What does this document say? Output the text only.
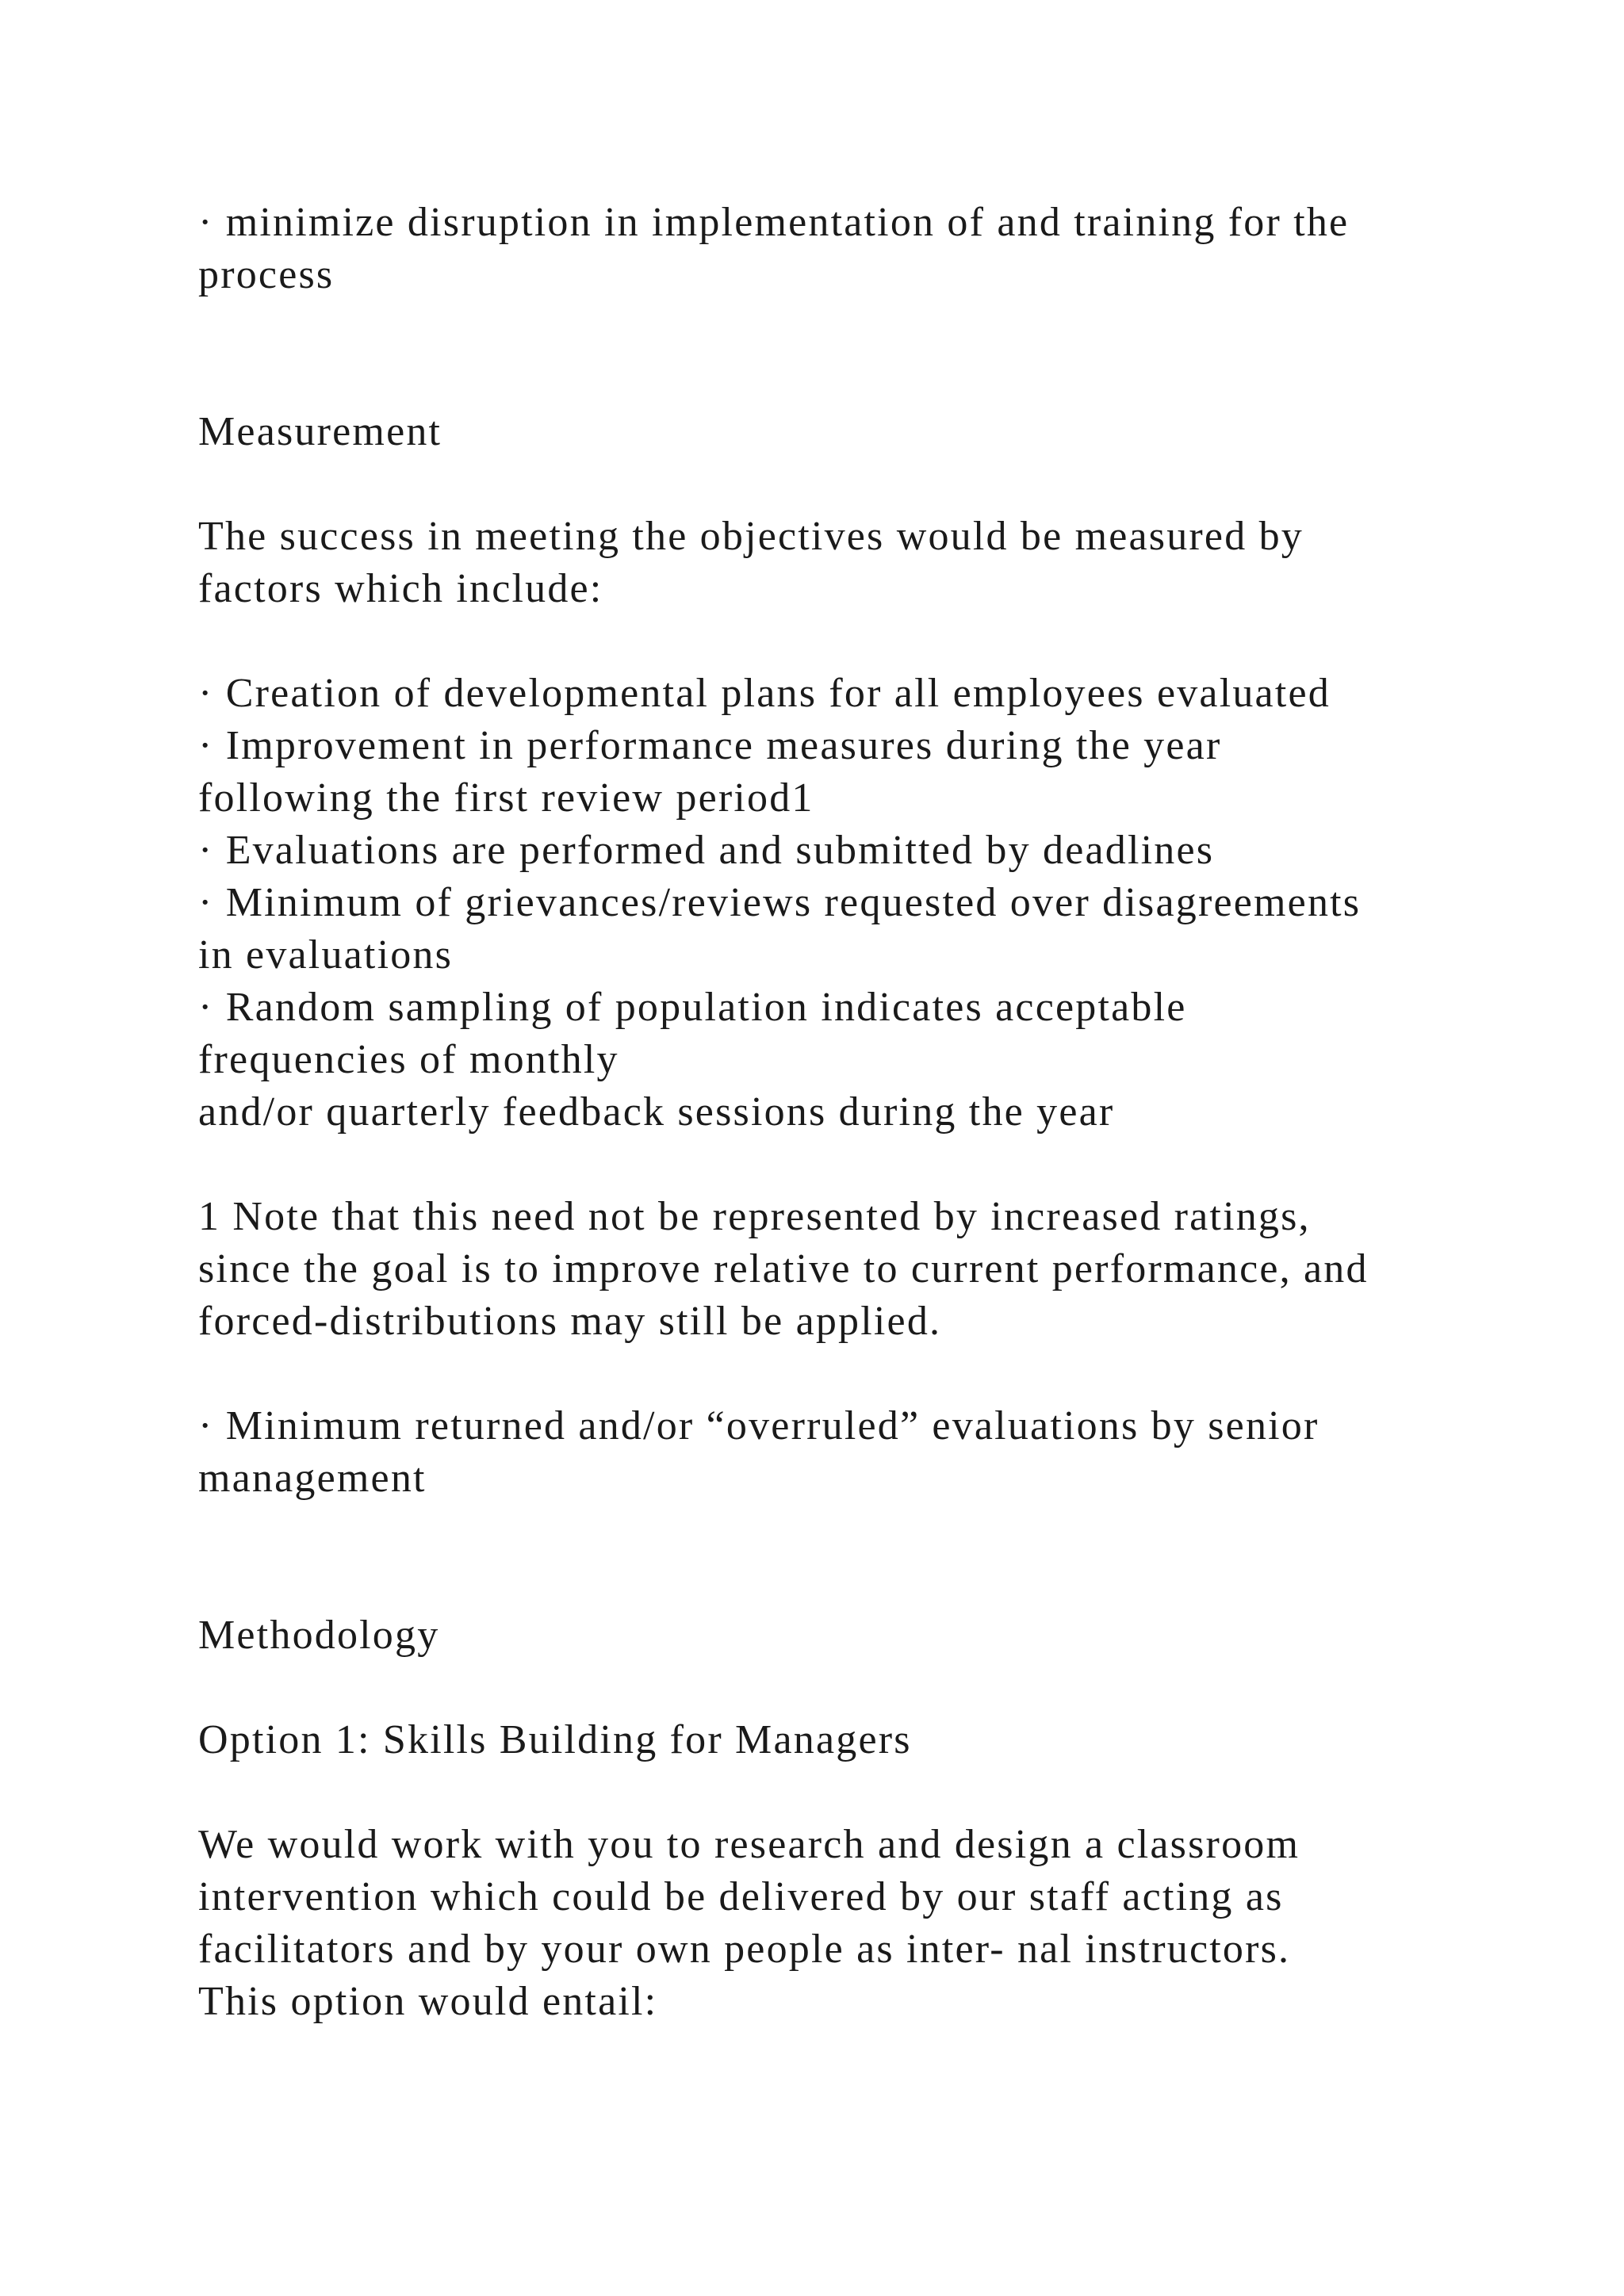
· minimize disruption in implementation of and training for the
process
Measurement
The success in meeting the objectives would be measured by
factors which include:
· Creation of developmental plans for all employees evaluated
· Improvement in performance measures during the year
following the first review period1
· Evaluations are performed and submitted by deadlines
· Minimum of grievances/reviews requested over disagreements
in evaluations
· Random sampling of population indicates acceptable
frequencies of monthly
and/or quarterly feedback sessions during the year
1 Note that this need not be represented by increased ratings,
since the goal is to improve relative to current performance, and
forced-distributions may still be applied.
· Minimum returned and/or “overruled” evaluations by senior
management
Methodology
Option 1: Skills Building for Managers
We would work with you to research and design a classroom
intervention which could be delivered by our staff acting as
facilitators and by your own people as inter- nal instructors.
This option would entail:
